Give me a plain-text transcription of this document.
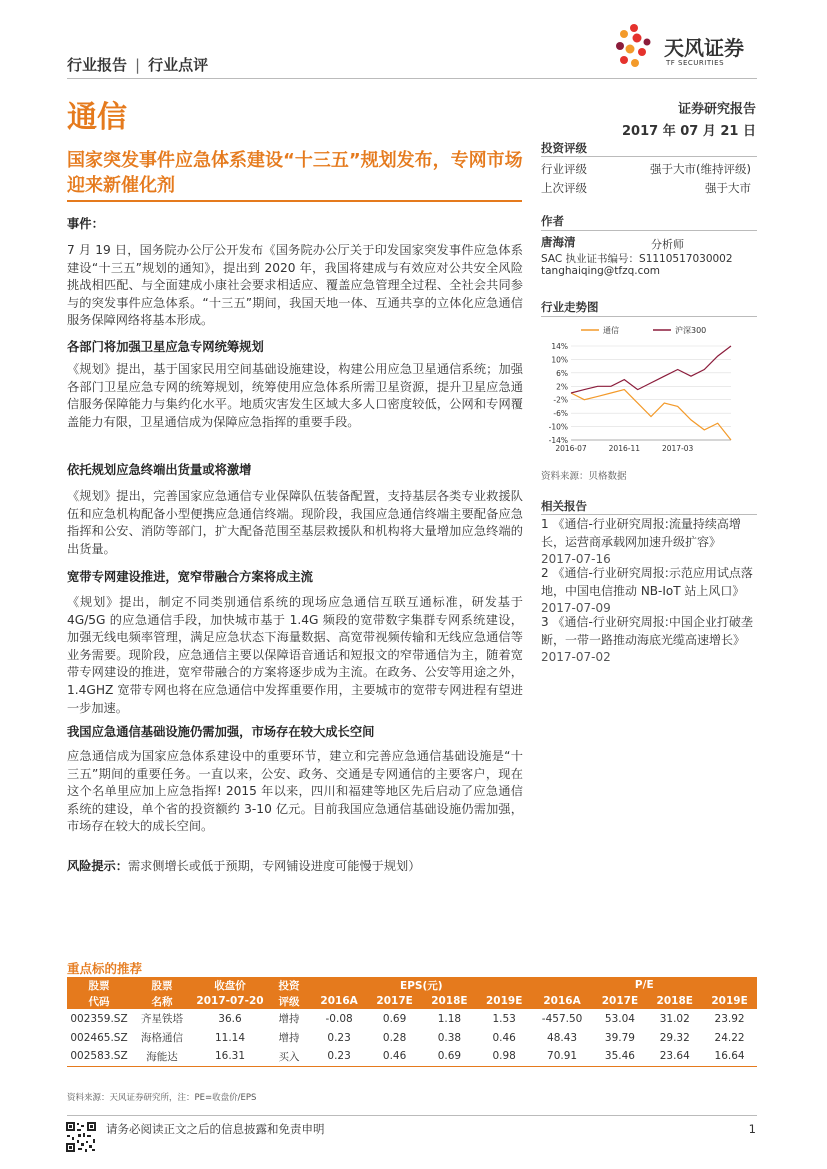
行业报告 | 行业点评
天风证券
TF SECURITIES
通信	证券研究报告
2017 年 07 月 21 日
国家突发事件应急体系建设“十三五”规划发布，专网市场迎来新催化剂
事件：
7 月 19 日，国务院办公厅公开发布《国务院办公厅关于印发国家突发事件应急体系建设“十三五”规划的通知》，提出到 2020 年，我国将建成与有效应对公共安全风险挑战相匹配、与全面建成小康社会要求相适应、覆盖应急管理全过程、全社会共同参与的突发事件应急体系。“十三五”期间，我国天地一体、互通共享的立体化应急通信服务保障网络将基本形成。
各部门将加强卫星应急专网统筹规划
《规划》提出，基于国家民用空间基础设施建设，构建公用应急卫星通信系统；加强各部门卫星应急专网的统筹规划，统筹使用应急体系所需卫星资源，提升卫星应急通信服务保障能力与集约化水平。地质灾害发生区域大多人口密度较低，公网和专网覆盖能力有限，卫星通信成为保障应急指挥的重要手段。
依托规划应急终端出货量或将激增
《规划》提出，完善国家应急通信专业保障队伍装备配置，支持基层各类专业救援队伍和应急机构配备小型便携应急通信终端。现阶段，我国应急通信终端主要配备应急指挥和公安、消防等部门，扩大配备范围至基层救援队和机构将大量增加应急终端的出货量。
宽带专网建设推进，宽窄带融合方案将成主流
《规划》提出，制定不同类别通信系统的现场应急通信互联互通标准，研发基于 4G/5G 的应急通信手段，加快城市基于 1.4G 频段的宽带数字集群专网系统建设，加强无线电频率管理，满足应急状态下海量数据、高宽带视频传输和无线应急通信等业务需要。现阶段，应急通信主要以保障语音通话和短报文的窄带通信为主，随着宽带专网建设的推进，宽窄带融合的方案将逐步成为主流。在政务、公安等用途之外，1.4GHZ 宽带专网也将在应急通信中发挥重要作用，主要城市的宽带专网进程有望进一步加速。
我国应急通信基础设施仍需加强，市场存在较大成长空间
应急通信成为国家应急体系建设中的重要环节，建立和完善应急通信基础设施是“十三五”期间的重要任务。一直以来，公安、政务、交通是专网通信的主要客户，现在这个名单里应加上应急指挥! 2015 年以来，四川和福建等地区先后启动了应急通信系统的建设，单个省的投资额约 3-10 亿元。目前我国应急通信基础设施仍需加强，市场存在较大的成长空间。
风险提示：需求侧增长或低于预期，专网铺设进度可能慢于规划）
投资评级
行业评级	强于大市(维持评级)
上次评级	强于大市
作者
唐海清	分析师
SAC 执业证书编号：S1110517030002
tanghaiqing@tfzq.com
行业走势图
14%
10%
6%
2%
-2%
-6%
-10%
-14%
2016-07	2016-11	2017-03
通信	沪深300
资料来源：贝格数据
相关报告
1 《通信-行业研究周报:流量持续高增长，运营商承载网加速升级扩容》
2017-07-16
2 《通信-行业研究周报:示范应用试点落地，中国电信推动 NB-IoT 站上风口》
2017-07-09
3 《通信-行业研究周报:中国企业打破垄断，一带一路推动海底光缆高速增长》2017-07-02
重点标的推荐
股票	股票	收盘价	投资	EPS(元)				P/E			
代码	名称	2017-07-20	评级	2016A	2017E	2018E	2019E	2016A	2017E	2018E	2019E
002359.SZ	齐星铁塔	36.6	增持	-0.08	0.69	1.18	1.53	-457.50	53.04	31.02	23.92
002465.SZ	海格通信	11.14	增持	0.23	0.28	0.38	0.46	48.43	39.79	29.32	24.22
002583.SZ	海能达	16.31	买入	0.23	0.46	0.69	0.98	70.91	35.46	23.64	16.64
资料来源：天风证券研究所，注：PE=收盘价/EPS
请务必阅读正文之后的信息披露和免责申明	1
